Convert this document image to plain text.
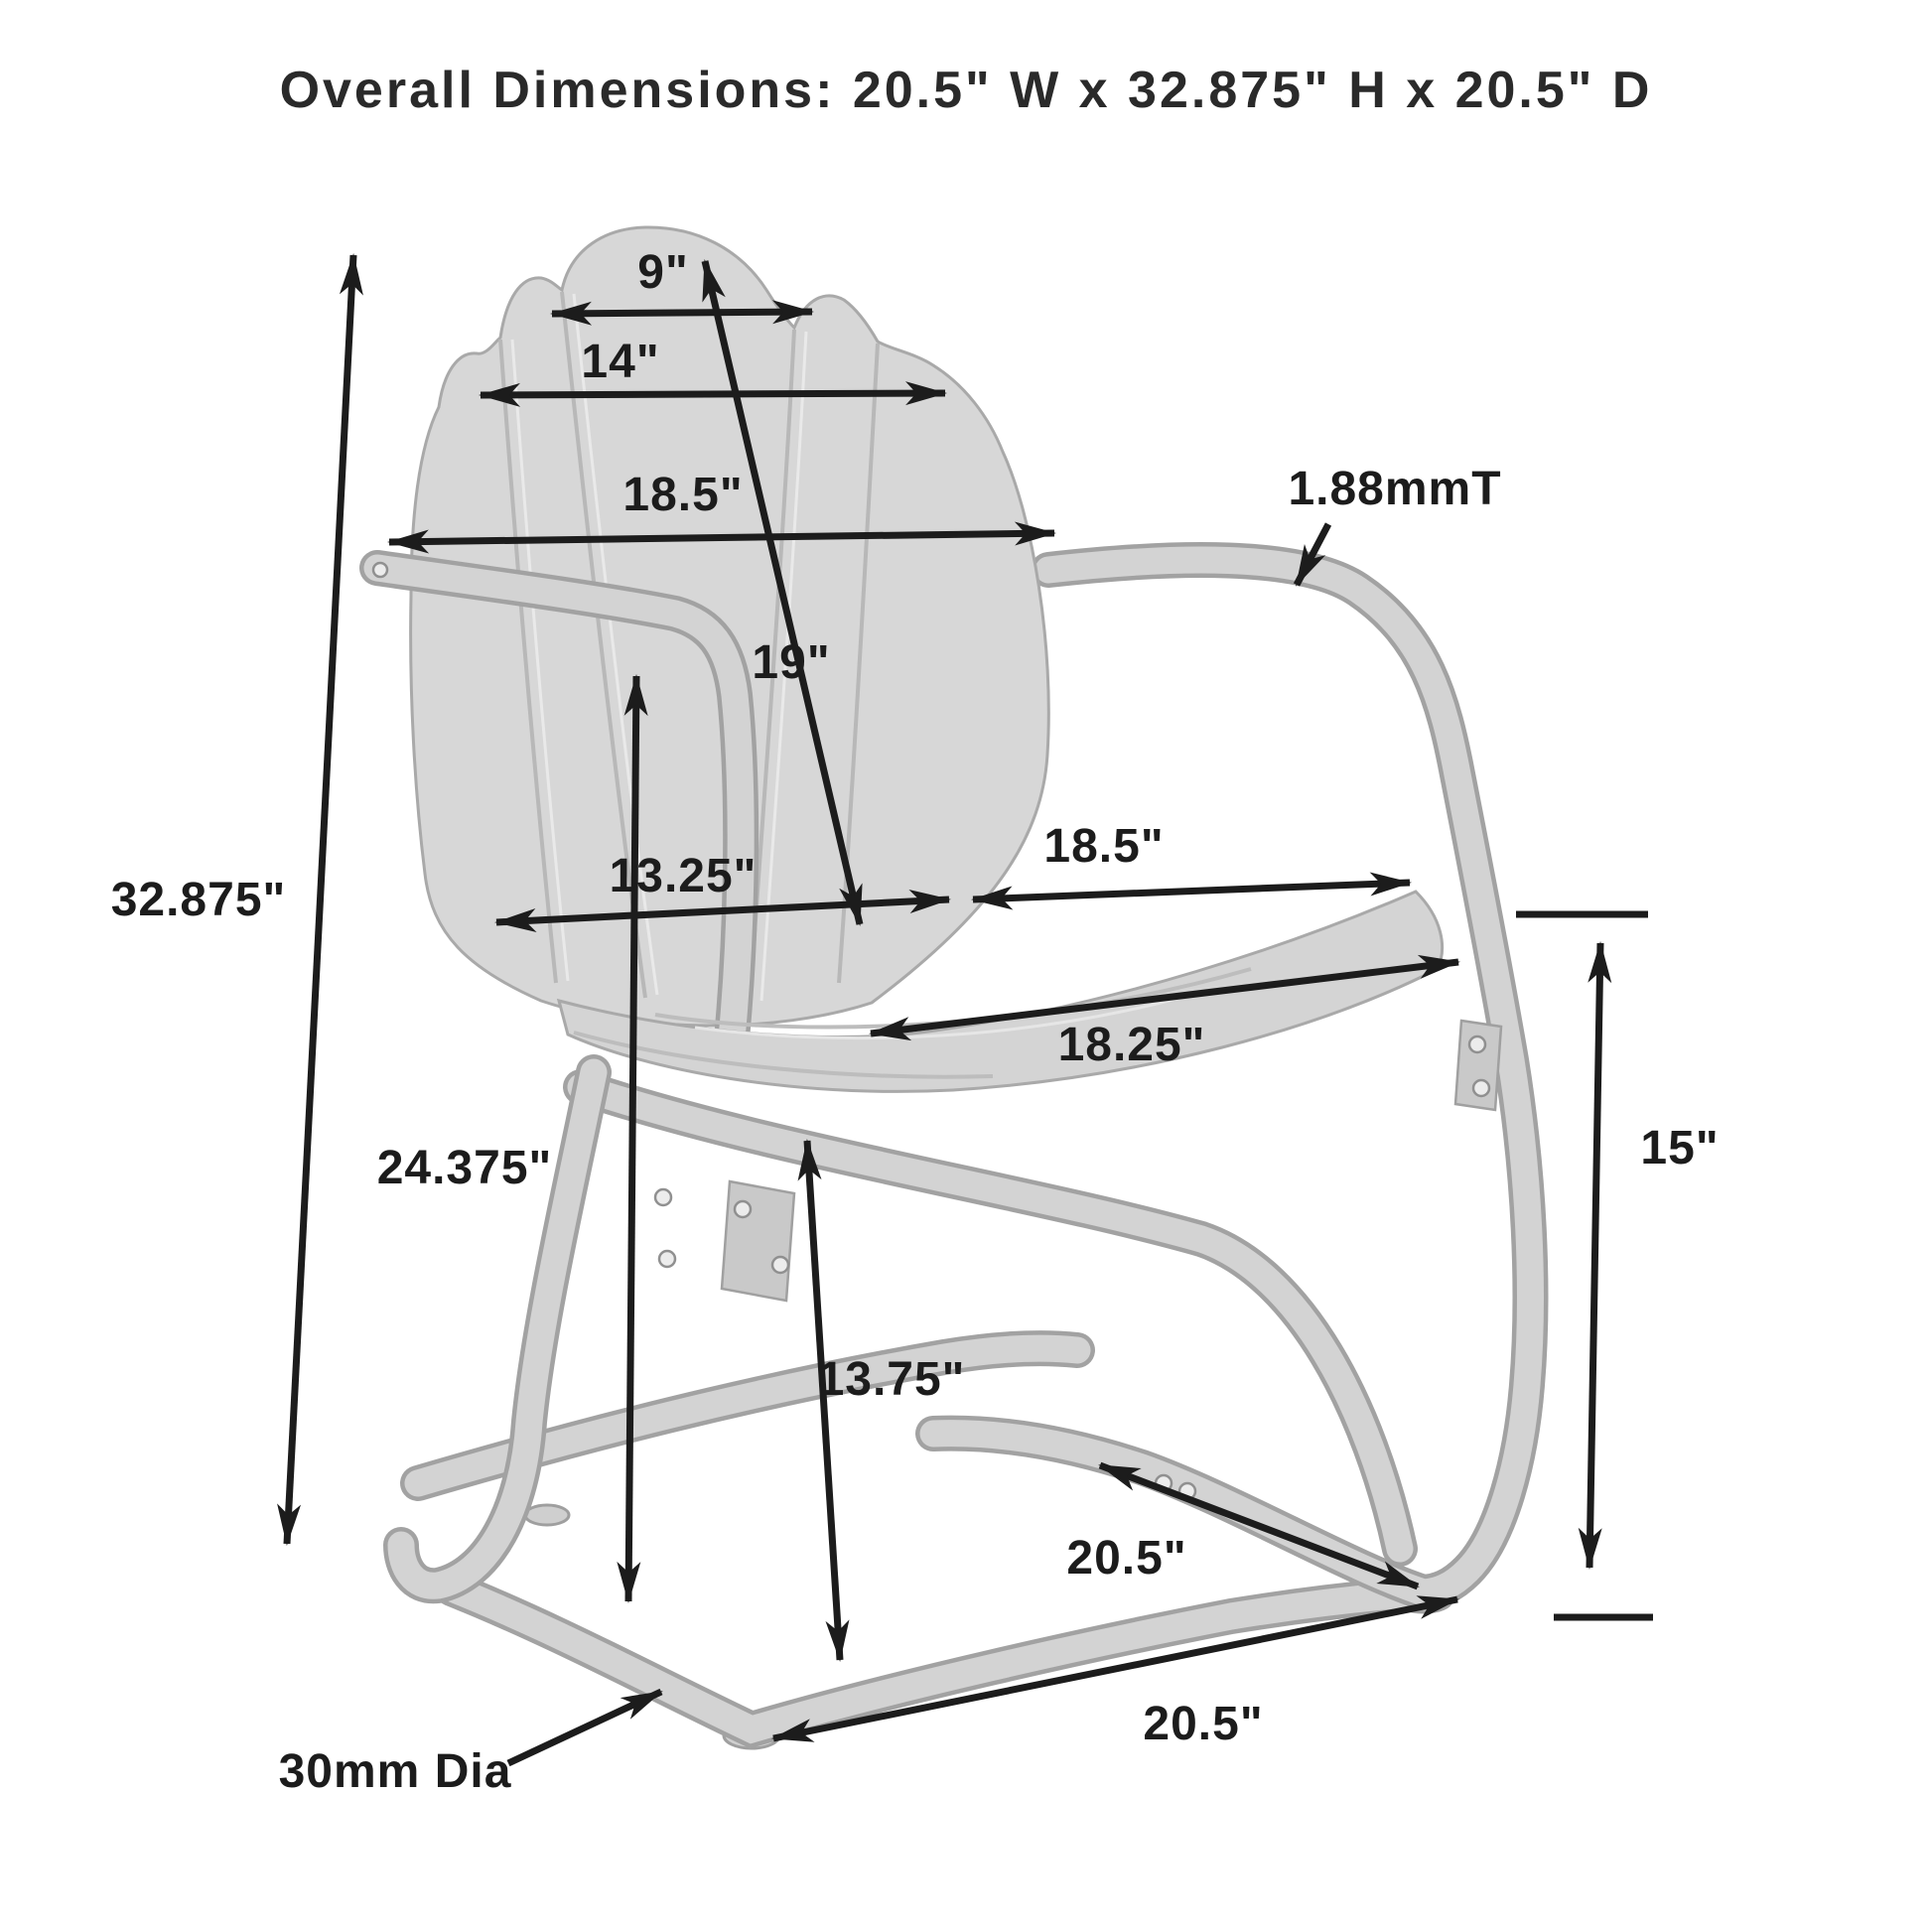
Overall Dimensions: 20.5" W x 32.875" H x 20.5" D
9"
14"
18.5"
19"
13.25"
18.5"
18.25"
32.875"
24.375"
13.75"
15"
20.5"
20.5"
1.88mmT
30mm Dia
